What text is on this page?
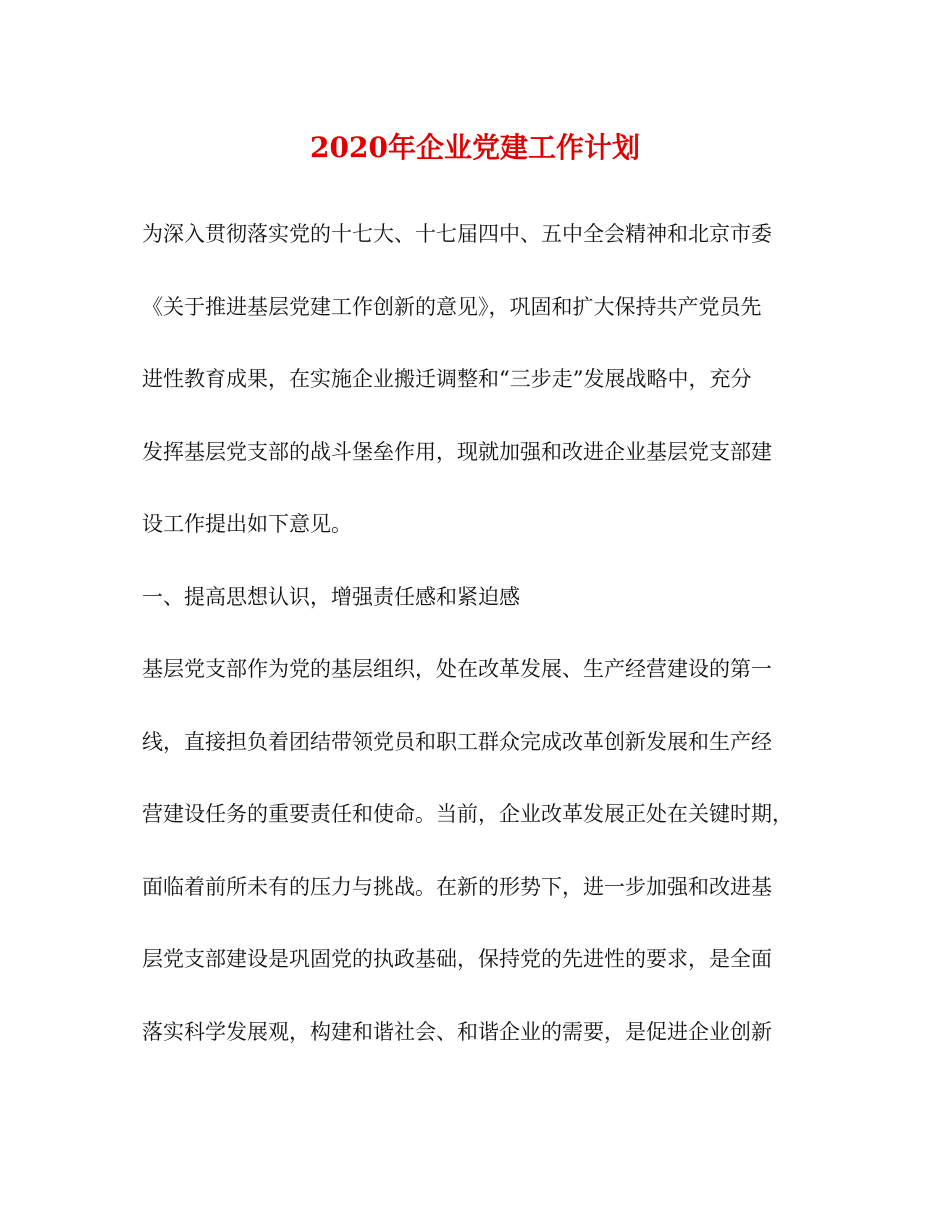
2020年企业党建工作计划
为深入贯彻落实党的十七大、十七届四中、五中全会精神和北京市委
《关于推进基层党建工作创新的意见》，巩固和扩大保持共产党员先
进性教育成果，在实施企业搬迁调整和“三步走”发展战略中，充分
发挥基层党支部的战斗堡垒作用，现就加强和改进企业基层党支部建
设工作提出如下意见。
一、提高思想认识，增强责任感和紧迫感
基层党支部作为党的基层组织，处在改革发展、生产经营建设的第一
线，直接担负着团结带领党员和职工群众完成改革创新发展和生产经
营建设任务的重要责任和使命。当前，企业改革发展正处在关键时期，
面临着前所未有的压力与挑战。在新的形势下，进一步加强和改进基
层党支部建设是巩固党的执政基础，保持党的先进性的要求，是全面
落实科学发展观，构建和谐社会、和谐企业的需要，是促进企业创新
